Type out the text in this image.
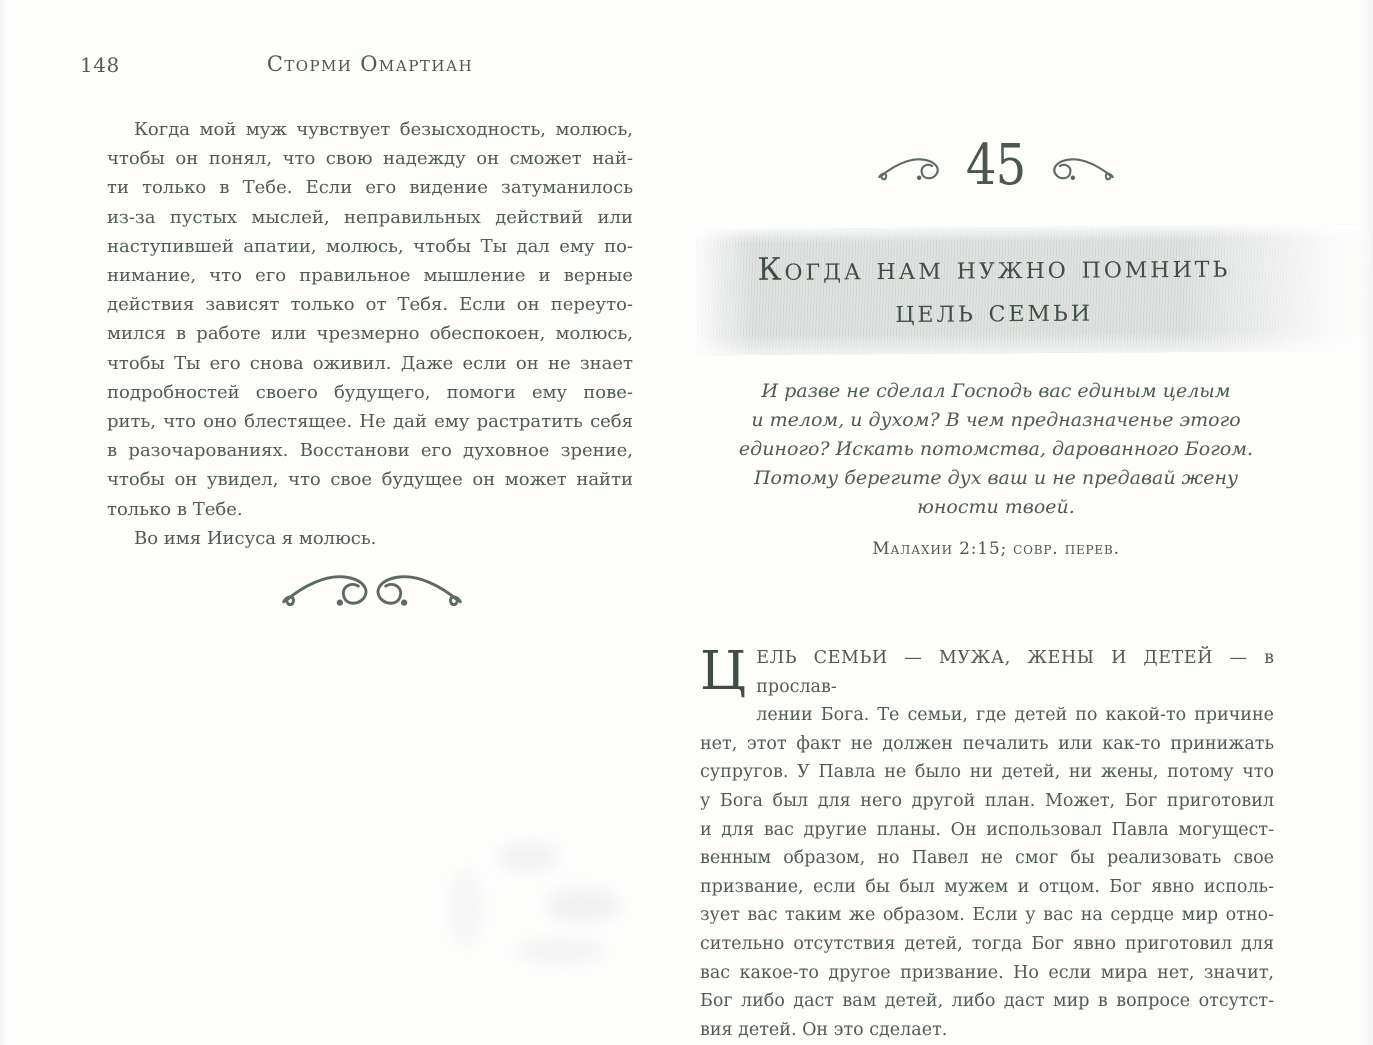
148	Сторми Омартиан
Когда мой муж чувствует безысходность, молюсь,
чтобы он понял, что свою надежду он сможет най-
ти только в Тебе. Если его видение затуманилось
из-за пустых мыслей, неправильных действий или
наступившей апатии, молюсь, чтобы Ты дал ему по-
нимание, что его правильное мышление и верные
действия зависят только от Тебя. Если он переуто-
мился в работе или чрезмерно обеспокоен, молюсь,
чтобы Ты его снова оживил. Даже если он не знает
подробностей своего будущего, помоги ему пове-
рить, что оно блестящее. Не дай ему растратить себя
в разочарованиях. Восстанови его духовное зрение,
чтобы он увидел, что свое будущее он может найти
только в Тебе.
Во имя Иисуса я молюсь.
45
Когда нам нужно помнить
цель семьи
И разве не сделал Господь вас единым целым
и телом, и духом? В чем предназначенье этого
единого? Искать потомства, дарованного Богом.
Потому берегите дух ваш и не предавай жену
юности твоей.
Малахии 2:15; совр. перев.
Ц ЕЛЬ СЕМЬИ — МУЖА, ЖЕНЫ И ДЕТЕЙ — в прослав-
лении Бога. Те семьи, где детей по какой-то причине
нет, этот факт не должен печалить или как-то принижать
супругов. У Павла не было ни детей, ни жены, потому что
у Бога был для него другой план. Может, Бог приготовил
и для вас другие планы. Он использовал Павла могущест-
венным образом, но Павел не смог бы реализовать свое
призвание, если бы был мужем и отцом. Бог явно исполь-
зует вас таким же образом. Если у вас на сердце мир отно-
сительно отсутствия детей, тогда Бог явно приготовил для
вас какое-то другое призвание. Но если мира нет, значит,
Бог либо даст вам детей, либо даст мир в вопросе отсутст-
вия детей. Он это сделает.
